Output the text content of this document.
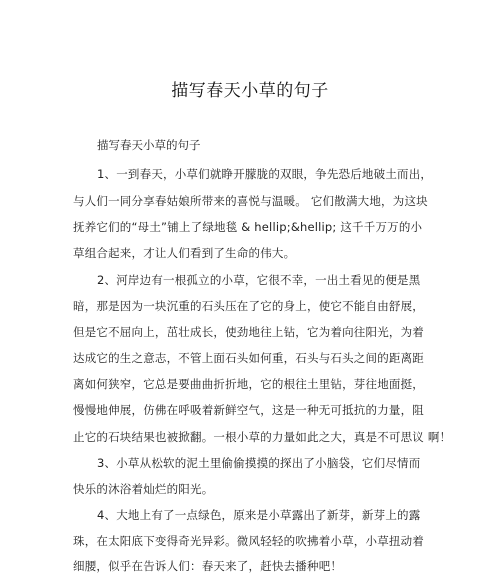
描写春天小草的句子
描写春天小草的句子
1、一到春天，小草们就睁开朦胧的双眼，争先恐后地破土而出，
与人们一同分享春姑娘所带来的喜悦与温暖。 它们散满大地，为这块
抚养它们的“母土”铺上了绿地毯 & hellip;&hellip; 这千千万万的小
草组合起来，才让人们看到了生命的伟大。
2、河岸边有一根孤立的小草，它很不幸，一出土看见的便是黑
暗，那是因为一块沉重的石头压在了它的身上，使它不能自由舒展，
但是它不屈向上，茁壮成长，使劲地往上钻，它为着向往阳光，为着
达成它的生之意志，不管上面石头如何重，石头与石头之间的距离距
离如何狭窄，它总是要曲曲折折地，它的根往土里钻，芽往地面挺，
慢慢地伸展，仿佛在呼吸着新鲜空气，这是一种无可抵抗的力量，阻
止它的石块结果也被掀翻。一根小草的力量如此之大，真是不可思议 啊！
3、小草从松软的泥土里偷偷摸摸的探出了小脑袋，它们尽情而
快乐的沐浴着灿烂的阳光。
4、大地上有了一点绿色，原来是小草露出了新芽，新芽上的露
珠，在太阳底下变得奇光异彩。微风轻轻的吹拂着小草，小草扭动着
细腰，似乎在告诉人们：春天来了，赶快去播种吧！
